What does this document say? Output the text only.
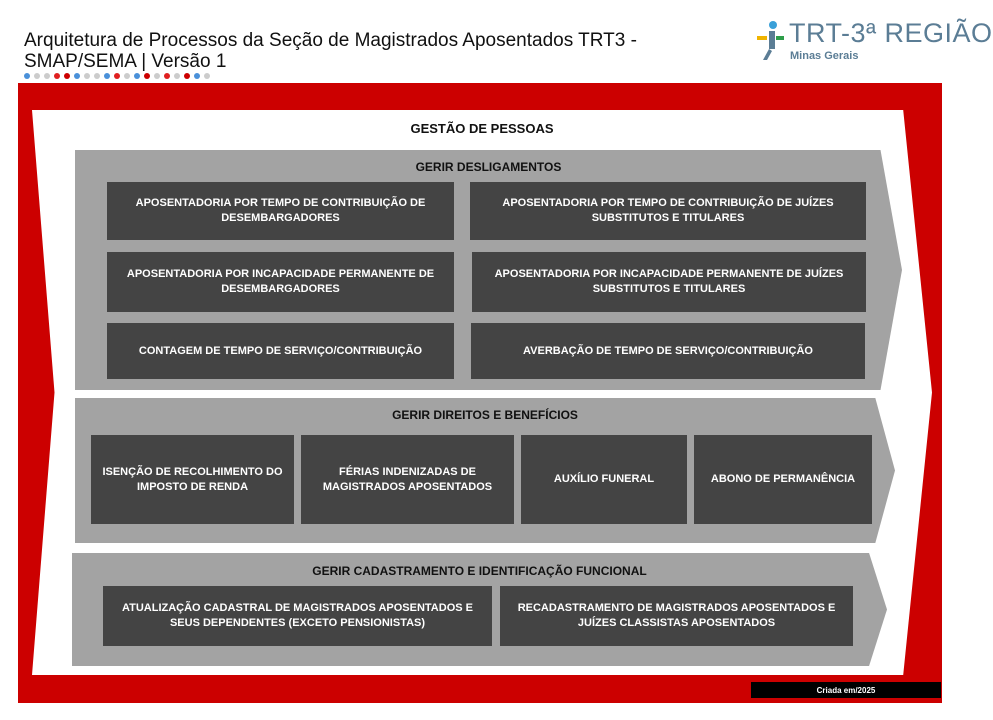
Arquitetura de Processos da Seção de Magistrados Aposentados TRT3 -
SMAP/SEMA | Versão 1
TRT-3ª REGIÃO
Minas Gerais
GESTÃO DE PESSOAS
GERIR DESLIGAMENTOS
APOSENTADORIA POR TEMPO DE CONTRIBUIÇÃO DE DESEMBARGADORES
APOSENTADORIA POR TEMPO DE CONTRIBUIÇÃO DE JUÍZES SUBSTITUTOS E TITULARES
APOSENTADORIA POR INCAPACIDADE PERMANENTE DE DESEMBARGADORES
APOSENTADORIA POR INCAPACIDADE PERMANENTE DE JUÍZES SUBSTITUTOS E TITULARES
CONTAGEM DE TEMPO DE SERVIÇO/CONTRIBUIÇÃO	AVERBAÇÃO DE TEMPO DE SERVIÇO/CONTRIBUIÇÃO
GERIR DIREITOS E BENEFÍCIOS
ISENÇÃO DE RECOLHIMENTO DO IMPOSTO DE RENDA
FÉRIAS INDENIZADAS DE MAGISTRADOS APOSENTADOS
AUXÍLIO FUNERAL	ABONO DE PERMANÊNCIA
GERIR CADASTRAMENTO E IDENTIFICAÇÃO FUNCIONAL
ATUALIZAÇÃO CADASTRAL DE MAGISTRADOS APOSENTADOS E SEUS DEPENDENTES (EXCETO PENSIONISTAS)
RECADASTRAMENTO DE MAGISTRADOS APOSENTADOS E JUÍZES CLASSISTAS APOSENTADOS
Criada em/2025
